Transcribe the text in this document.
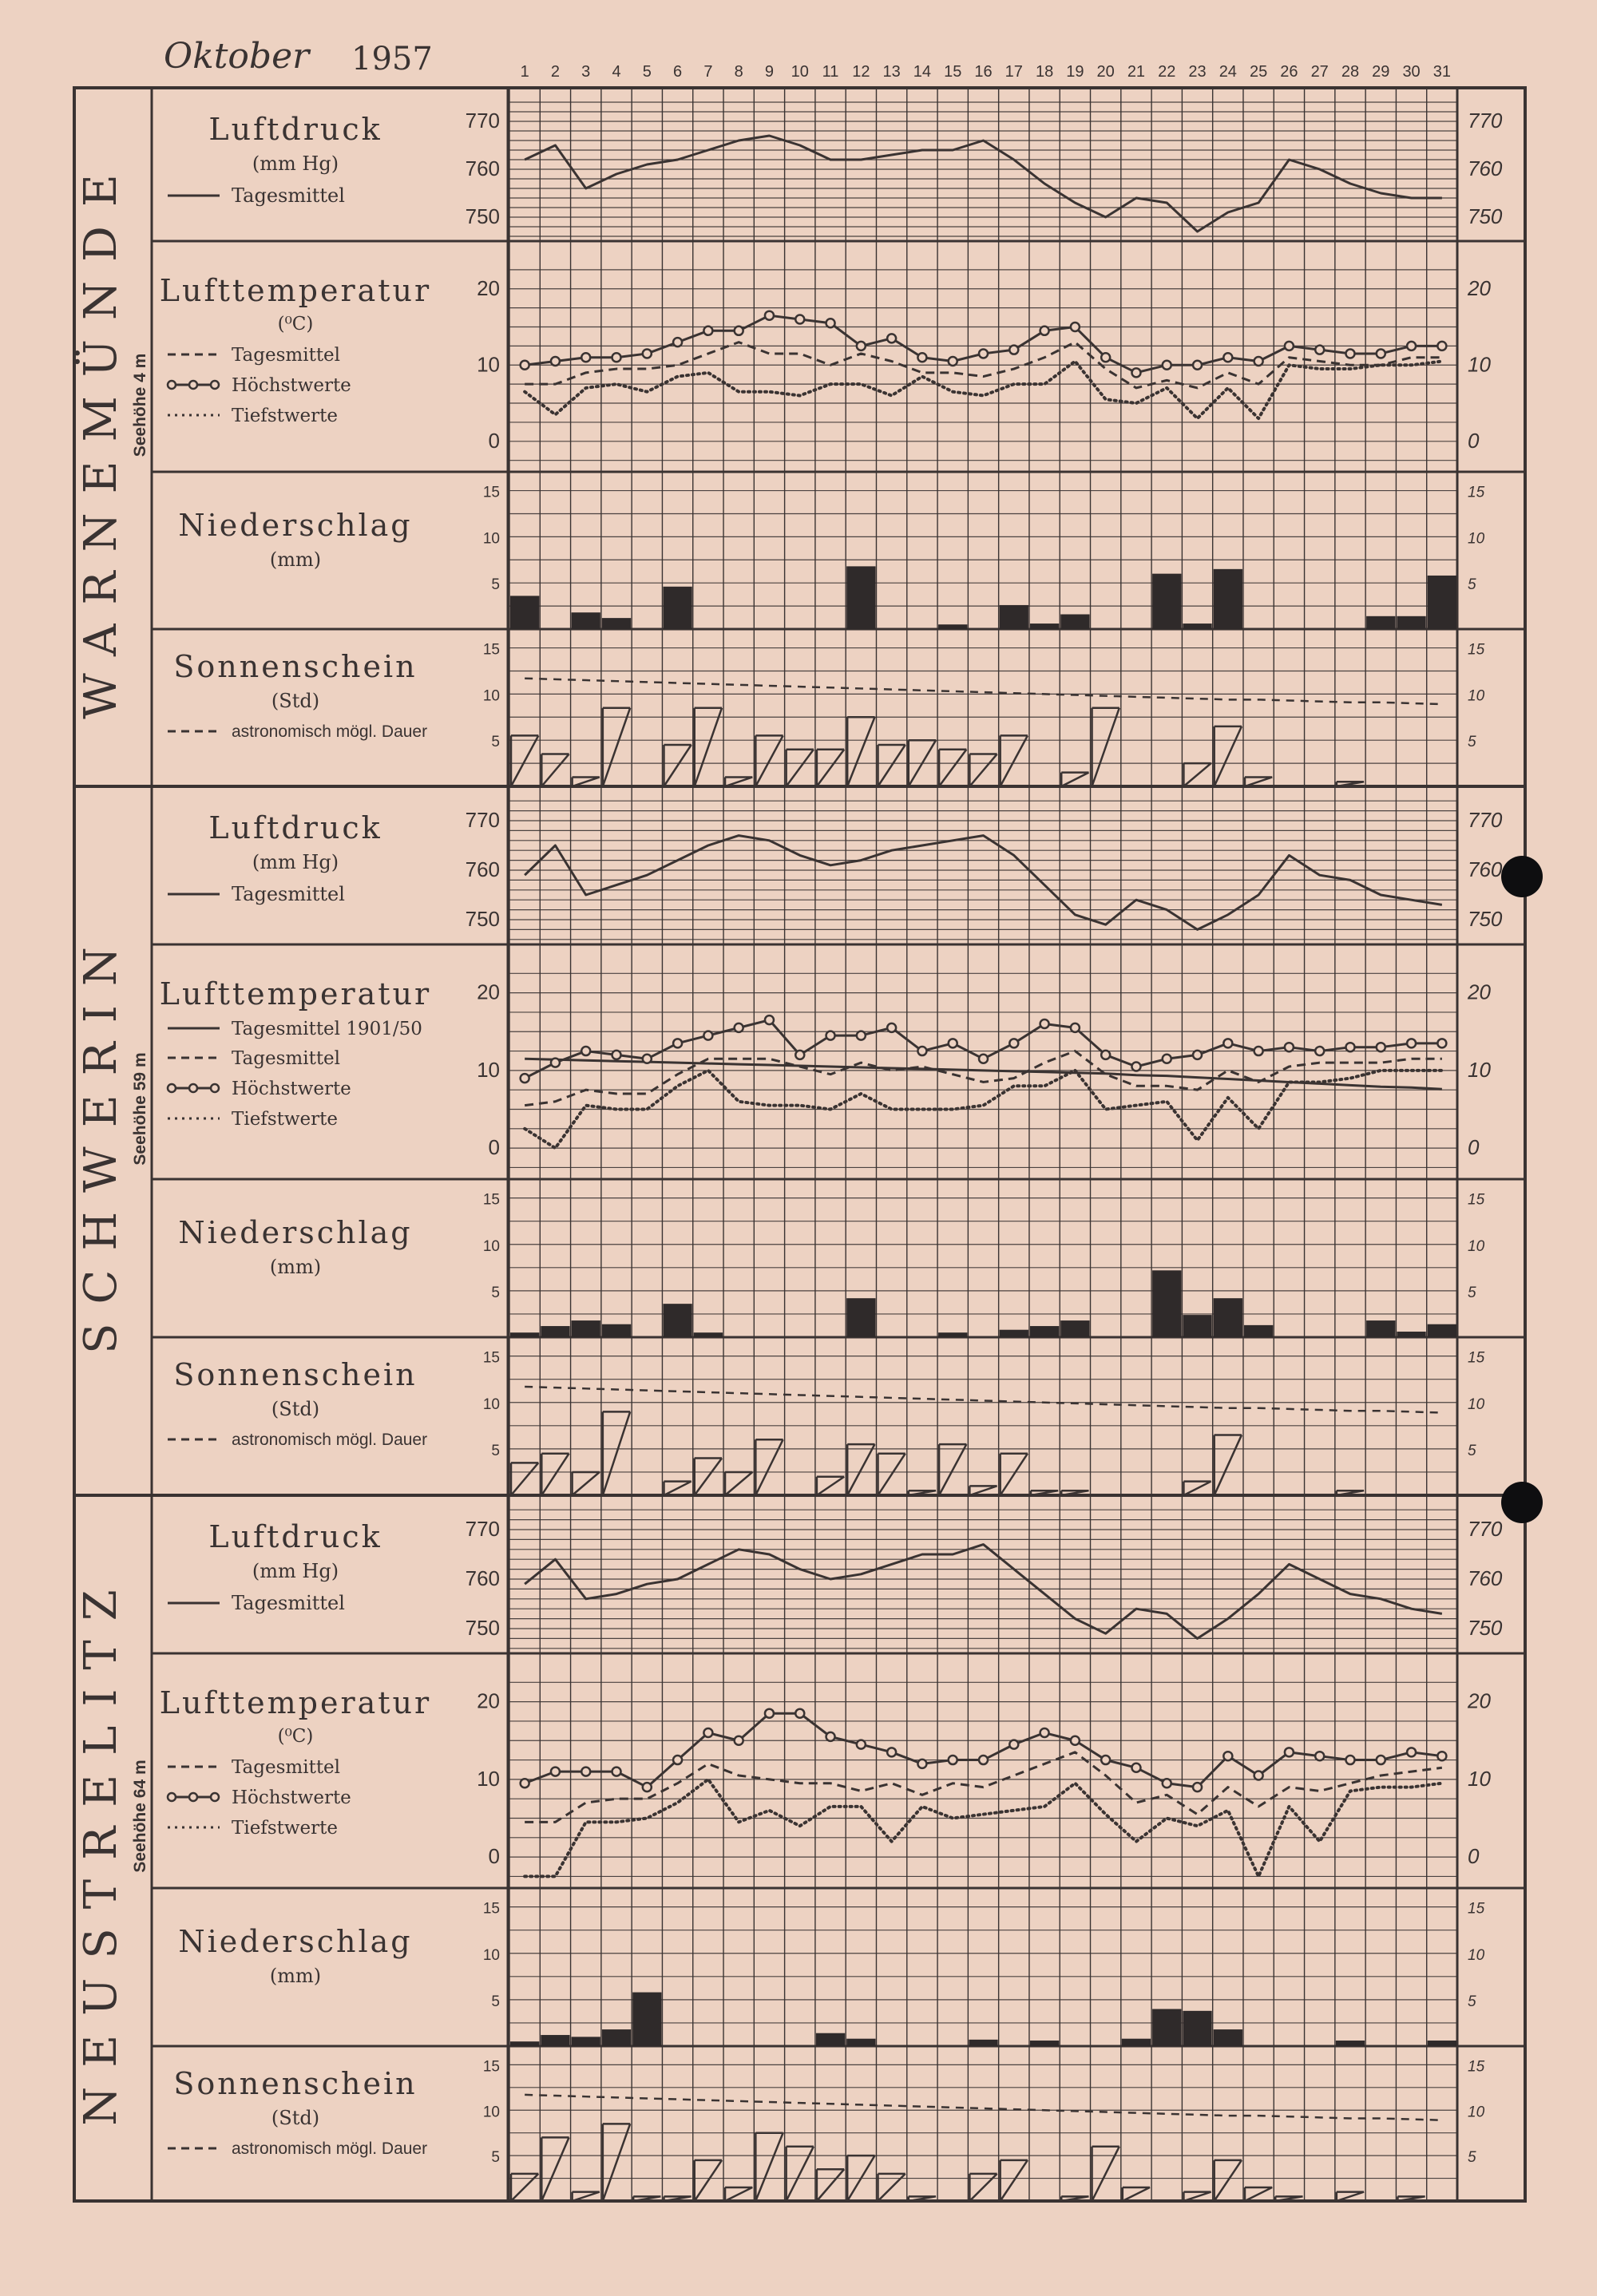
Oktober 1957	1 2 3 4 5 6 7 8 9 10 11 12 13 14 15 16 17 18 19 20 21 22 23 24 25 26 27 28 29 30 31
WARNEMÜNDE Seehöhe 4 m
SCHWERIN Seehöhe 59 m
NEUSTRELITZ Seehöhe 64 m
Luftdruck
(mm Hg)
Tagesmittel
Lufttemperatur
(⁰C)
Tagesmittel
Höchstwerte
Tiefstwerte
Niederschlag
(mm)
Sonnenschein
(Std)
astronomisch mögl. Dauer
Luftdruck
(mm Hg)
Tagesmittel
Lufttemperatur
Tagesmittel 1901/50
Tagesmittel
Höchstwerte
Tiefstwerte
Niederschlag
(mm)
Sonnenschein
(Std)
astronomisch mögl. Dauer
Luftdruck
(mm Hg)
Tagesmittel
Lufttemperatur
(⁰C)
Tagesmittel
Höchstwerte
Tiefstwerte
Niederschlag
(mm)
Sonnenschein
(Std)
astronomisch mögl. Dauer
770	770
760	760
750	750
20	20
10	10
0	0
15	15
10	10
5	5
15	15
10	10
5	5
770	770
760	760
750	750
20	20
10	10
0	0
15	15
10	10
5	5
15	15
10	10
5	5
770	770
760	760
750	750
20	20
10	10
0	0
15	15
10	10
5	5
15	15
10	10
5	5
